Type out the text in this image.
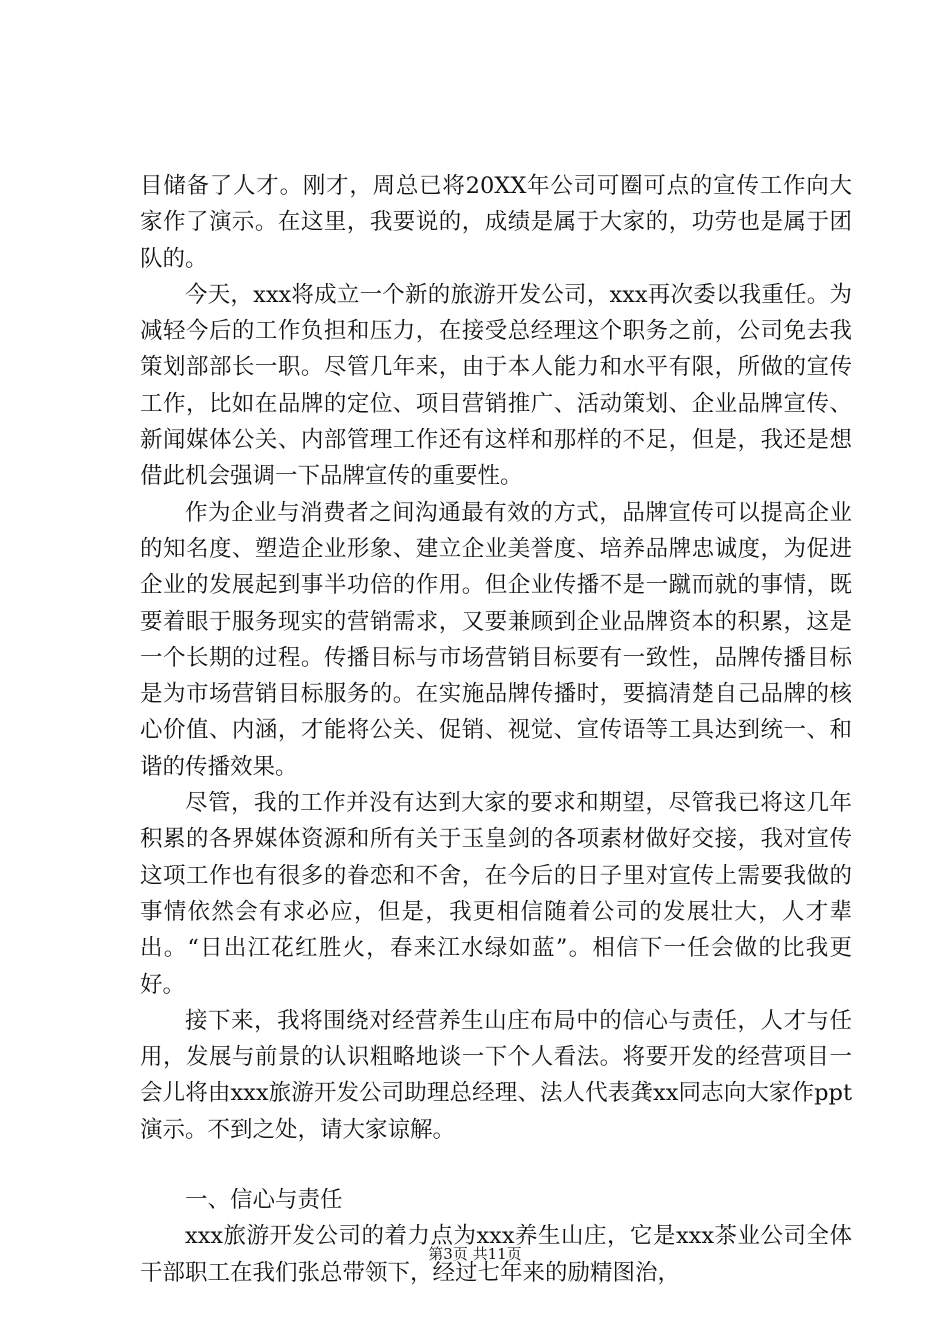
目储备了人才。刚才，周总已将20XX年公司可圈可点的宣传工作向大家作了演示。在这里，我要说的，成绩是属于大家的，功劳也是属于团队的。

今天，xxx将成立一个新的旅游开发公司，xxx再次委以我重任。为减轻今后的工作负担和压力，在接受总经理这个职务之前，公司免去我策划部部长一职。尽管几年来，由于本人能力和水平有限，所做的宣传工作，比如在品牌的定位、项目营销推广、活动策划、企业品牌宣传、新闻媒体公关、内部管理工作还有这样和那样的不足，但是，我还是想借此机会强调一下品牌宣传的重要性。

作为企业与消费者之间沟通最有效的方式，品牌宣传可以提高企业的知名度、塑造企业形象、建立企业美誉度、培养品牌忠诚度，为促进企业的发展起到事半功倍的作用。但企业传播不是一蹴而就的事情，既要着眼于服务现实的营销需求，又要兼顾到企业品牌资本的积累，这是一个长期的过程。传播目标与市场营销目标要有一致性，品牌传播目标是为市场营销目标服务的。在实施品牌传播时，要搞清楚自己品牌的核心价值、内涵，才能将公关、促销、视觉、宣传语等工具达到统一、和谐的传播效果。

尽管，我的工作并没有达到大家的要求和期望，尽管我已将这几年积累的各界媒体资源和所有关于玉皇剑的各项素材做好交接，我对宣传这项工作也有很多的眷恋和不舍，在今后的日子里对宣传上需要我做的事情依然会有求必应，但是，我更相信随着公司的发展壮大，人才辈出。“日出江花红胜火，春来江水绿如蓝”。相信下一任会做的比我更好。

接下来，我将围绕对经营养生山庄布局中的信心与责任，人才与任用，发展与前景的认识粗略地谈一下个人看法。将要开发的经营项目一会儿将由xxx旅游开发公司助理总经理、法人代表龚xx同志向大家作ppt演示。不到之处，请大家谅解。

一、信心与责任

xxx旅游开发公司的着力点为xxx养生山庄，它是xxx茶业公司全体干部职工在我们张总带领下，经过七年来的励精图治，

第3页 共11页
